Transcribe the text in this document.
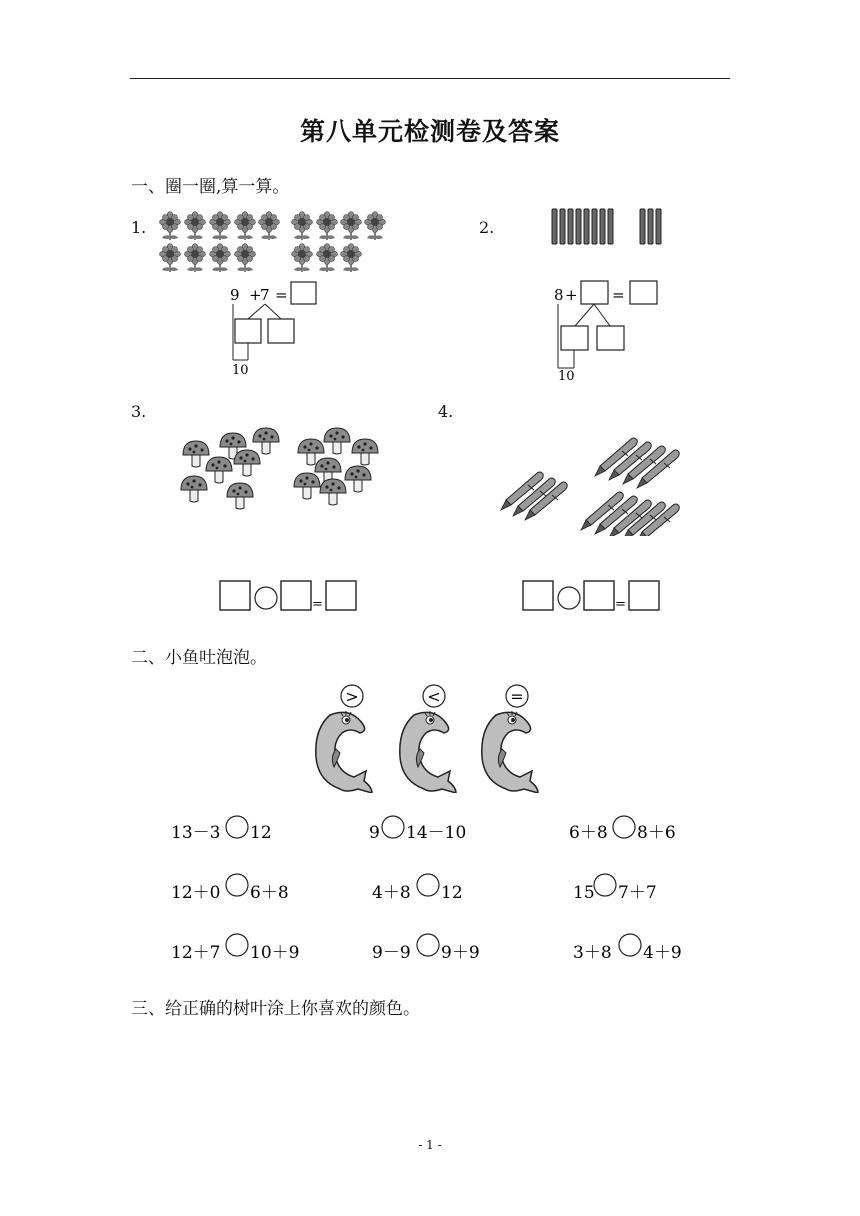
第八单元检测卷及答案
一、圈一圈,算一算。
1.
9 +
7 =
10
2.
8 + =
10
3.
=
4.
=
二、小鱼吐泡泡。
>	<	=
13－3 12	9 14－10	6＋8 8＋6
12＋0 6＋8	4＋8 12	15 7＋7
12＋7 10＋9	9－9 9＋9	3＋8 4＋9
三、给正确的树叶涂上你喜欢的颜色。
- 1 -
